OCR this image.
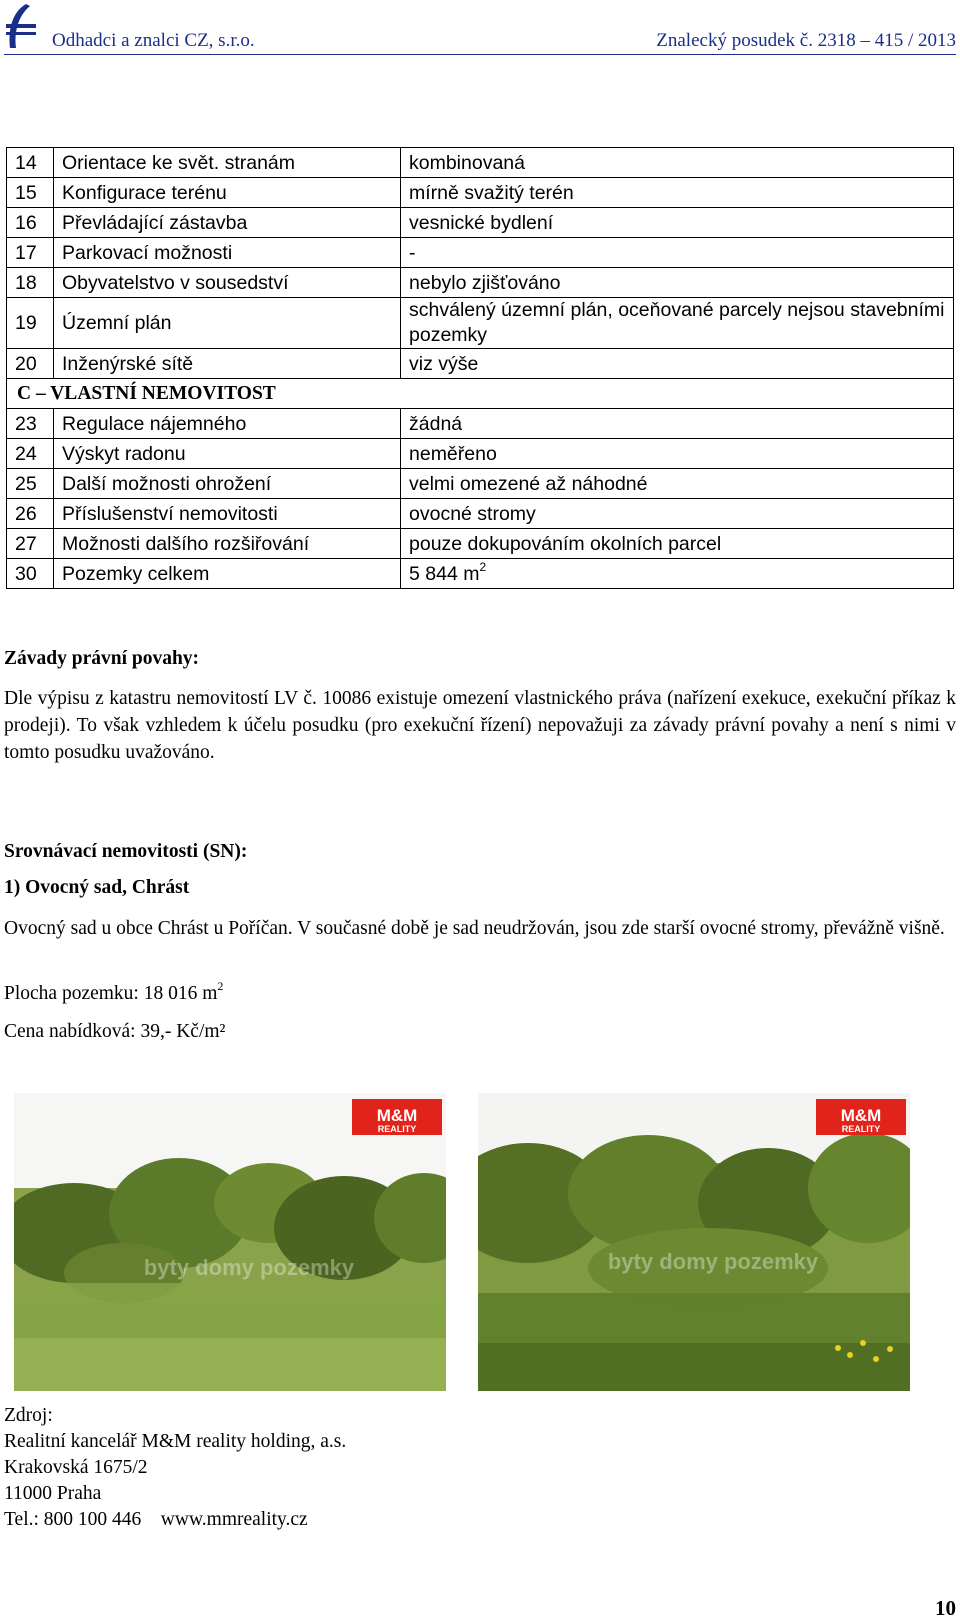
Odhadci a znalci CZ, s.r.o.	Znalecký posudek č. 2318 – 415 / 2013
14	Orientace ke svět. stranám	kombinovaná
15	Konfigurace terénu	mírně svažitý terén
16	Převládající zástavba	vesnické bydlení
17	Parkovací možnosti	-
18	Obyvatelstvo v sousedství	nebylo zjišťováno
19	Územní plán	schválený územní plán, oceňované parcely nejsou stavebními pozemky
20	Inženýrské sítě	viz výše
C – VLASTNÍ NEMOVITOST		
23	Regulace nájemného	žádná
24	Výskyt radonu	neměřeno
25	Další možnosti ohrožení	velmi omezené až náhodné
26	Příslušenství nemovitosti	ovocné stromy
27	Možnosti dalšího rozšiřování	pouze dokupováním okolních parcel
30	Pozemky celkem	5 844 $m^2$
Závady právní povahy:
Dle výpisu z katastru nemovitostí LV č. 10086 existuje omezení vlastnického práva (nařízení exekuce, exekuční příkaz k prodeji). To však vzhledem k účelu posudku (pro exekuční řízení) nepovažuji za závady právní povahy a není s nimi v tomto posudku uvažováno.
Srovnávací nemovitosti (SN):
1) Ovocný sad, Chrást
Ovocný sad u obce Chrást u Poříčan. V současné době je sad neudržován, jsou zde starší ovocné stromy, převážně višně.
Plocha pozemku: 18 016 $m^2$
Cena nabídková: 39,- Kč/m²
M&M
REALITY
byty domy pozemky
M&M
REALITY
byty domy pozemky
Zdroj:
Realitní kancelář M&M reality holding, a.s.
Krakovská 1675/2
11000 Praha
Tel.: 800 100 446    www.mmreality.cz
10
